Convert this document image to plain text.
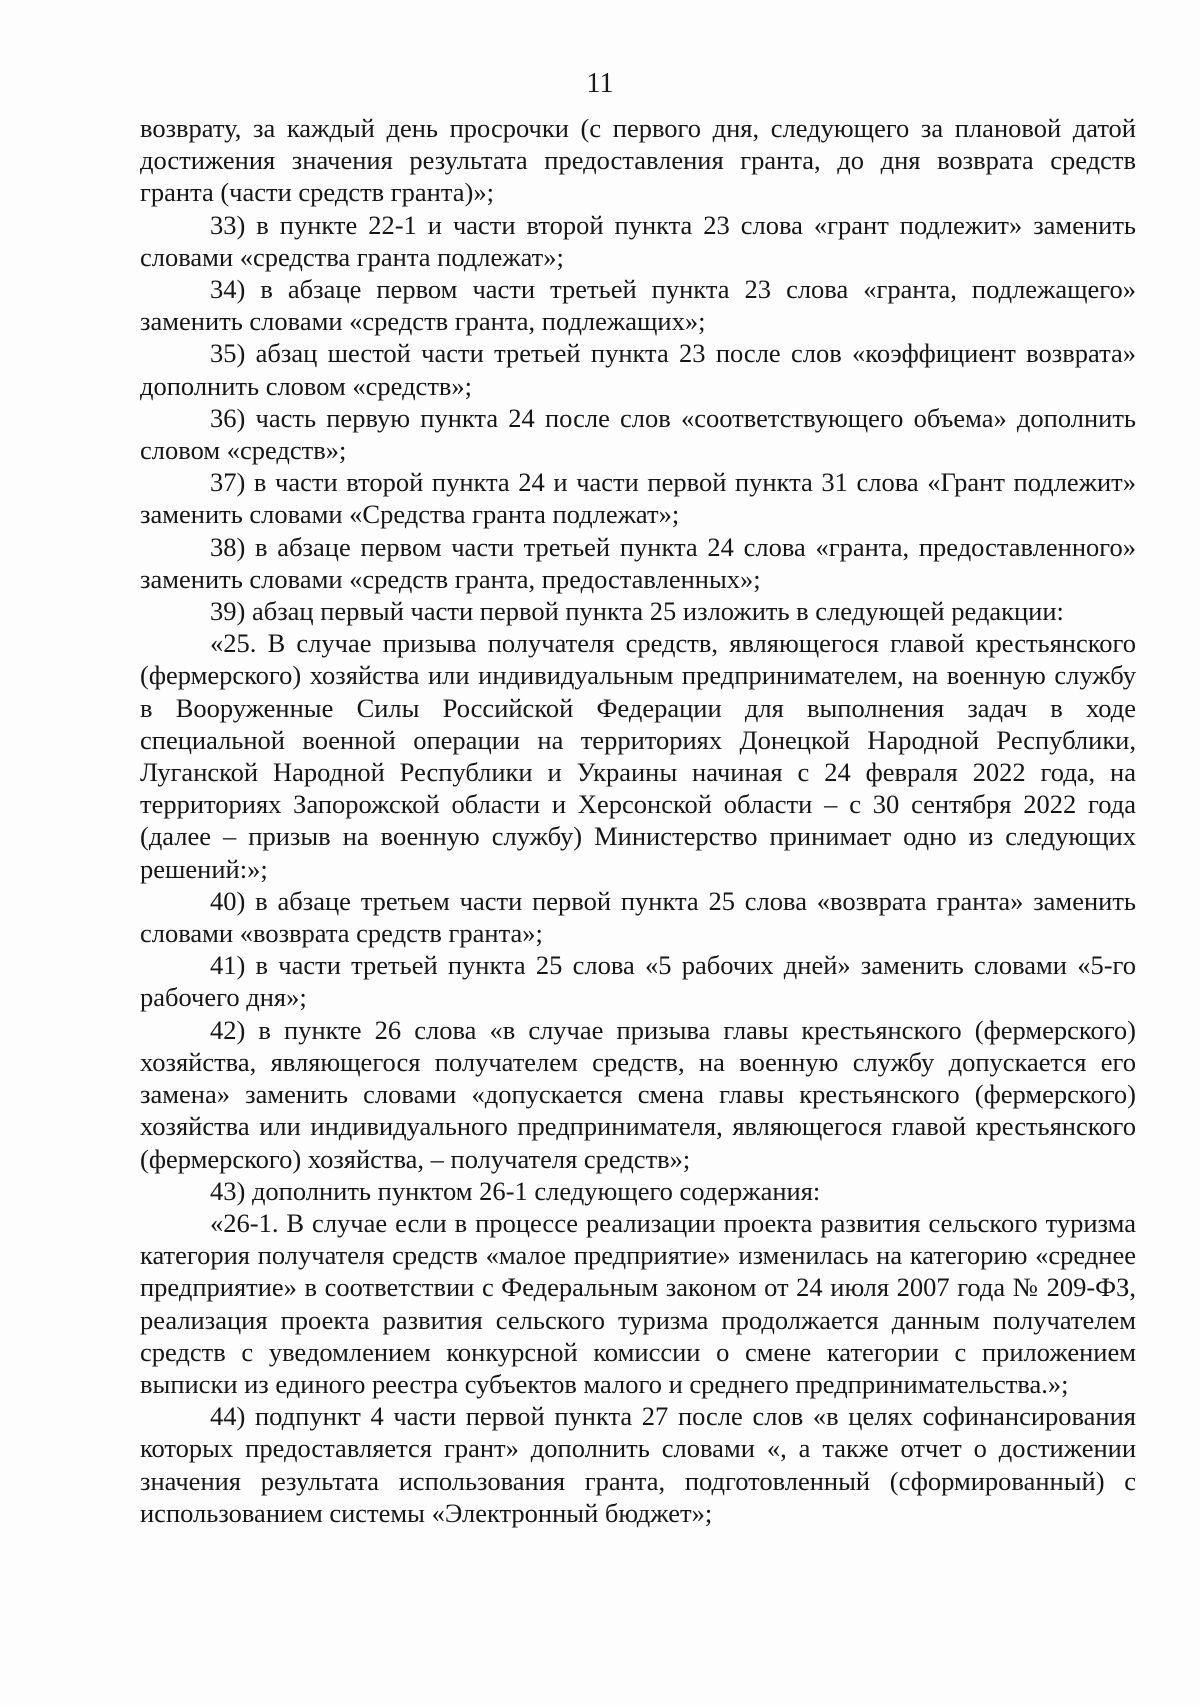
11

возврату, за каждый день просрочки (с первого дня, следующего за плановой датой достижения значения результата предоставления гранта, до дня возврата средств гранта (части средств гранта)»;

33) в пункте 22-1 и части второй пункта 23 слова «грант подлежит» заменить словами «средства гранта подлежат»;

34) в абзаце первом части третьей пункта 23 слова «гранта, подлежащего» заменить словами «средств гранта, подлежащих»;

35) абзац шестой части третьей пункта 23 после слов «коэффициент возврата» дополнить словом «средств»;

36) часть первую пункта 24 после слов «соответствующего объема» дополнить словом «средств»;

37) в части второй пункта 24 и части первой пункта 31 слова «Грант подлежит» заменить словами «Средства гранта подлежат»;

38) в абзаце первом части третьей пункта 24 слова «гранта, предоставленного» заменить словами «средств гранта, предоставленных»;

39) абзац первый части первой пункта 25 изложить в следующей редакции:

«25. В случае призыва получателя средств, являющегося главой крестьянского (фермерского) хозяйства или индивидуальным предпринимателем, на военную службу в Вооруженные Силы Российской Федерации для выполнения задач в ходе специальной военной операции на территориях Донецкой Народной Республики, Луганской Народной Республики и Украины начиная с 24 февраля 2022 года, на территориях Запорожской области и Херсонской области – с 30 сентября 2022 года (далее – призыв на военную службу) Министерство принимает одно из следующих решений:»;

40) в абзаце третьем части первой пункта 25 слова «возврата гранта» заменить словами «возврата средств гранта»;

41) в части третьей пункта 25 слова «5 рабочих дней» заменить словами «5-го рабочего дня»;

42) в пункте 26 слова «в случае призыва главы крестьянского (фермерского) хозяйства, являющегося получателем средств, на военную службу допускается его замена» заменить словами «допускается смена главы крестьянского (фермерского) хозяйства или индивидуального предпринимателя, являющегося главой крестьянского (фермерского) хозяйства, – получателя средств»;

43) дополнить пунктом 26-1 следующего содержания:

«26-1. В случае если в процессе реализации проекта развития сельского туризма категория получателя средств «малое предприятие» изменилась на категорию «среднее предприятие» в соответствии с Федеральным законом от 24 июля 2007 года № 209-ФЗ, реализация проекта развития сельского туризма продолжается данным получателем средств с уведомлением конкурсной комиссии о смене категории с приложением выписки из единого реестра субъектов малого и среднего предпринимательства.»;

44) подпункт 4 части первой пункта 27 после слов «в целях софинансирования которых предоставляется грант» дополнить словами «, а также отчет о достижении значения результата использования гранта, подготовленный (сформированный) с использованием системы «Электронный бюджет»;
